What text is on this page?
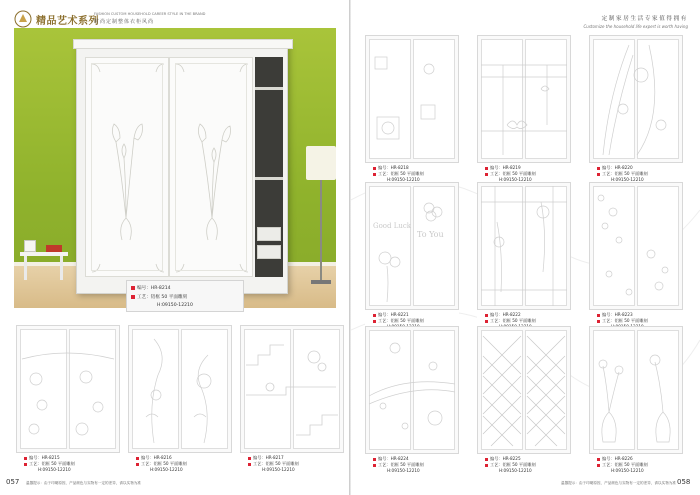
精品艺术系列
FASHION CUSTOM HOUSEHOLD CAREER STYLE IN THE BRAND
时尚定制整体衣柜风尚
编号：HR-8214
工艺：铝框 50 平面雕刻
H:09150-12210
编号：HR-8215
工艺：铝框 50 平面雕刻
H:09150-12210
编号：HR-8216
工艺：铝框 50 平面雕刻
H:09150-12210
编号：HR-8217
工艺：铝框 50 平面雕刻
H:09150-12210
057 温馨提示：由于印刷原因，产品颜色与实物有一定的差异，请以实物为准
定制家居生活专家值得拥有
Customize the household life expert is worth having
编号：HR-8218
工艺：铝框 50 平面雕刻
H:09150-12210
编号：HR-8219
工艺：铝框 50 平面雕刻
H:09150-12210
编号：HR-8220
工艺：铝框 50 平面雕刻
H:09150-12210
Good Luck
To You
编号：HR-8221
工艺：铝框 50 平面雕刻
编号：HR-8222
工艺：铝框 50 平面雕刻
编号：HR-8223
工艺：铝框 50 平面雕刻
编号：HR-8224
工艺：铝框 50 平面雕刻
H:09150-12210
编号：HR-8225
工艺：铝框 50 平面雕刻
H:09150-12210
编号：HR-8226
工艺：铝框 50 平面雕刻
H:09150-12210
温馨提示：由于印刷原因，产品颜色与实物有一定的差异，请以实物为准 058
